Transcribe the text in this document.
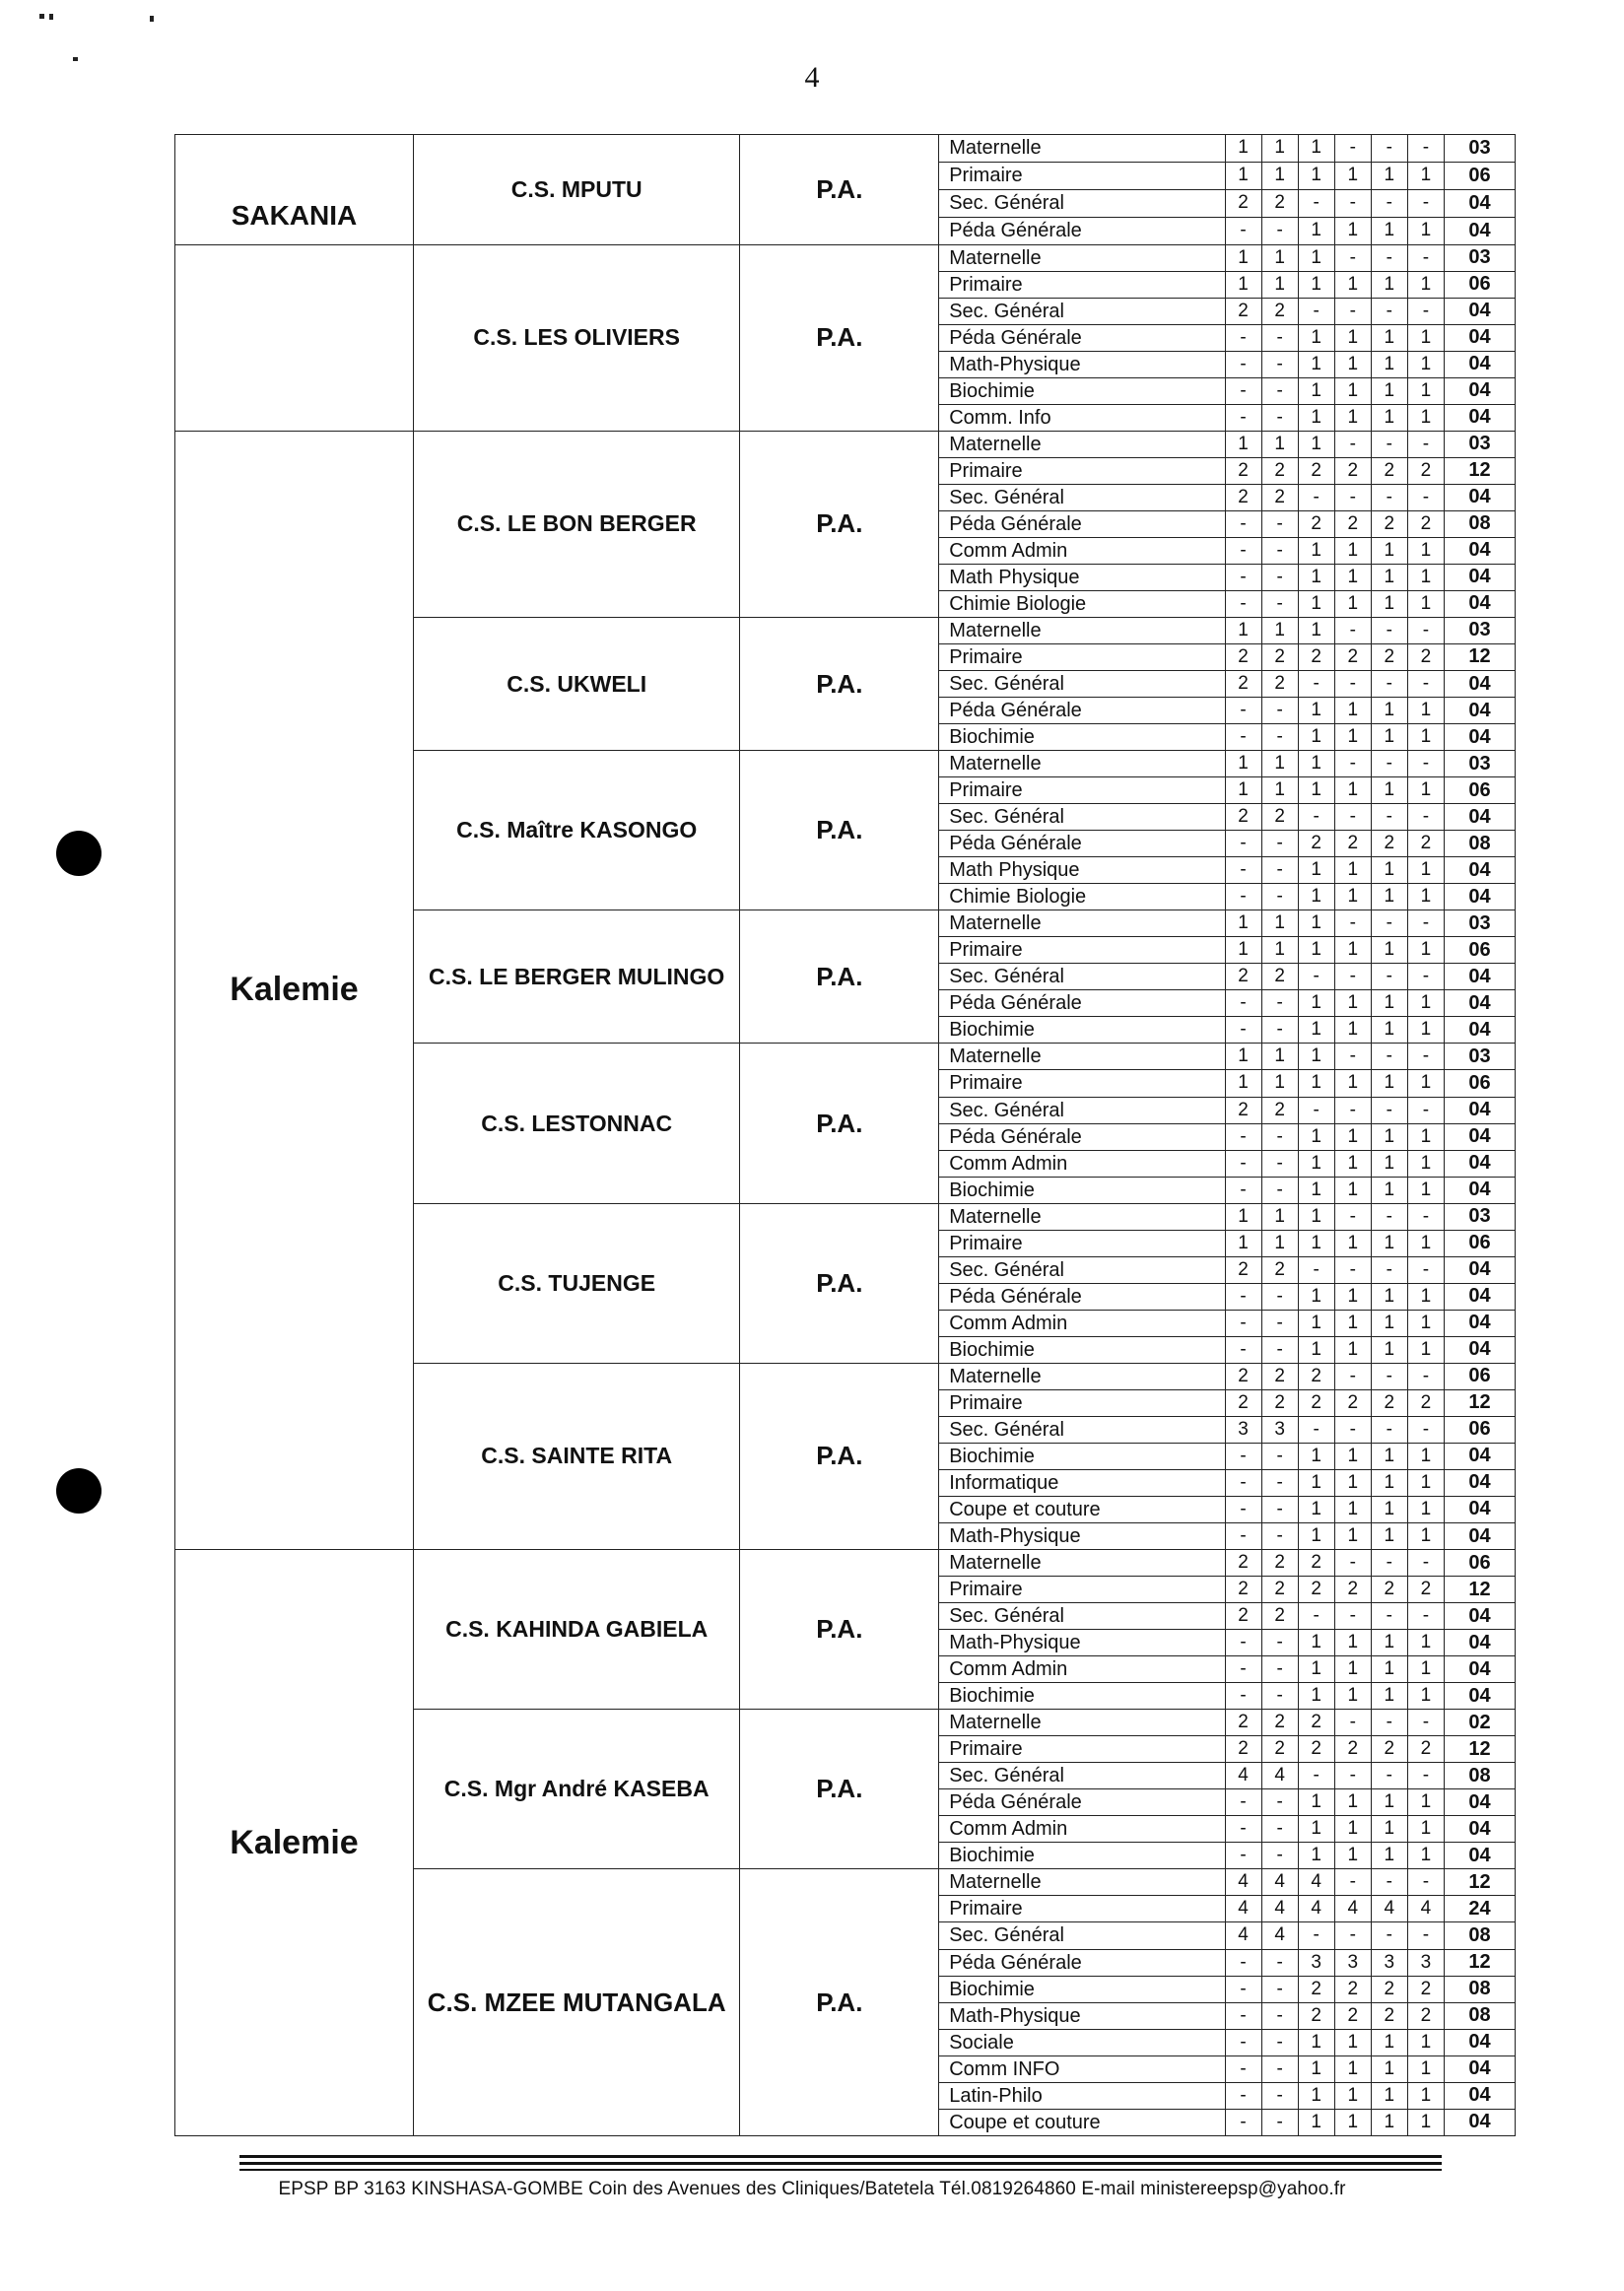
4
SAKANIA	C.S. MPUTU	P.A.	Maternelle	1	1	1	-	-	-	03
			Primaire	1	1	1	1	1	1	06
			Sec. Général	2	2	-	-	-	-	04
			Péda Générale	-	-	1	1	1	1	04
	C.S. LES OLIVIERS	P.A.	Maternelle	1	1	1	-	-	-	03
			Primaire	1	1	1	1	1	1	06
			Sec. Général	2	2	-	-	-	-	04
			Péda Générale	-	-	1	1	1	1	04
			Math-Physique	-	-	1	1	1	1	04
			Biochimie	-	-	1	1	1	1	04
			Comm. Info	-	-	1	1	1	1	04
Kalemie	C.S. LE BON BERGER	P.A.	Maternelle	1	1	1	-	-	-	03
			Primaire	2	2	2	2	2	2	12
			Sec. Général	2	2	-	-	-	-	04
			Péda Générale	-	-	2	2	2	2	08
			Comm Admin	-	-	1	1	1	1	04
			Math Physique	-	-	1	1	1	1	04
			Chimie Biologie	-	-	1	1	1	1	04
	C.S. UKWELI	P.A.	Maternelle	1	1	1	-	-	-	03
			Primaire	2	2	2	2	2	2	12
			Sec. Général	2	2	-	-	-	-	04
			Péda Générale	-	-	1	1	1	1	04
			Biochimie	-	-	1	1	1	1	04
	C.S. Maître KASONGO	P.A.	Maternelle	1	1	1	-	-	-	03
			Primaire	1	1	1	1	1	1	06
			Sec. Général	2	2	-	-	-	-	04
			Péda Générale	-	-	2	2	2	2	08
			Math Physique	-	-	1	1	1	1	04
			Chimie Biologie	-	-	1	1	1	1	04
	C.S. LE BERGER MULINGO	P.A.	Maternelle	1	1	1	-	-	-	03
			Primaire	1	1	1	1	1	1	06
			Sec. Général	2	2	-	-	-	-	04
			Péda Générale	-	-	1	1	1	1	04
			Biochimie	-	-	1	1	1	1	04
	C.S. LESTONNAC	P.A.	Maternelle	1	1	1	-	-	-	03
			Primaire	1	1	1	1	1	1	06
			Sec. Général	2	2	-	-	-	-	04
			Péda Générale	-	-	1	1	1	1	04
			Comm Admin	-	-	1	1	1	1	04
			Biochimie	-	-	1	1	1	1	04
	C.S. TUJENGE	P.A.	Maternelle	1	1	1	-	-	-	03
			Primaire	1	1	1	1	1	1	06
			Sec. Général	2	2	-	-	-	-	04
			Péda Générale	-	-	1	1	1	1	04
			Comm Admin	-	-	1	1	1	1	04
			Biochimie	-	-	1	1	1	1	04
	C.S. SAINTE RITA	P.A.	Maternelle	2	2	2	-	-	-	06
			Primaire	2	2	2	2	2	2	12
			Sec. Général	3	3	-	-	-	-	06
			Biochimie	-	-	1	1	1	1	04
			Informatique	-	-	1	1	1	1	04
			Coupe et couture	-	-	1	1	1	1	04
			Math-Physique	-	-	1	1	1	1	04
Kalemie	C.S. KAHINDA GABIELA	P.A.	Maternelle	2	2	2	-	-	-	06
			Primaire	2	2	2	2	2	2	12
			Sec. Général	2	2	-	-	-	-	04
			Math-Physique	-	-	1	1	1	1	04
			Comm Admin	-	-	1	1	1	1	04
			Biochimie	-	-	1	1	1	1	04
	C.S. Mgr André KASEBA	P.A.	Maternelle	2	2	2	-	-	-	02
			Primaire	2	2	2	2	2	2	12
			Sec. Général	4	4	-	-	-	-	08
			Péda Générale	-	-	1	1	1	1	04
			Comm Admin	-	-	1	1	1	1	04
			Biochimie	-	-	1	1	1	1	04
	C.S. MZEE MUTANGALA	P.A.	Maternelle	4	4	4	-	-	-	12
			Primaire	4	4	4	4	4	4	24
			Sec. Général	4	4	-	-	-	-	08
			Péda Générale	-	-	3	3	3	3	12
			Biochimie	-	-	2	2	2	2	08
			Math-Physique	-	-	2	2	2	2	08
			Sociale	-	-	1	1	1	1	04
			Comm INFO	-	-	1	1	1	1	04
			Latin-Philo	-	-	1	1	1	1	04
			Coupe et couture	-	-	1	1	1	1	04
EPSP BP 3163 KINSHASA-GOMBE Coin des Avenues des Cliniques/Batetela Tél.0819264860 E-mail ministereepsp@yahoo.fr
